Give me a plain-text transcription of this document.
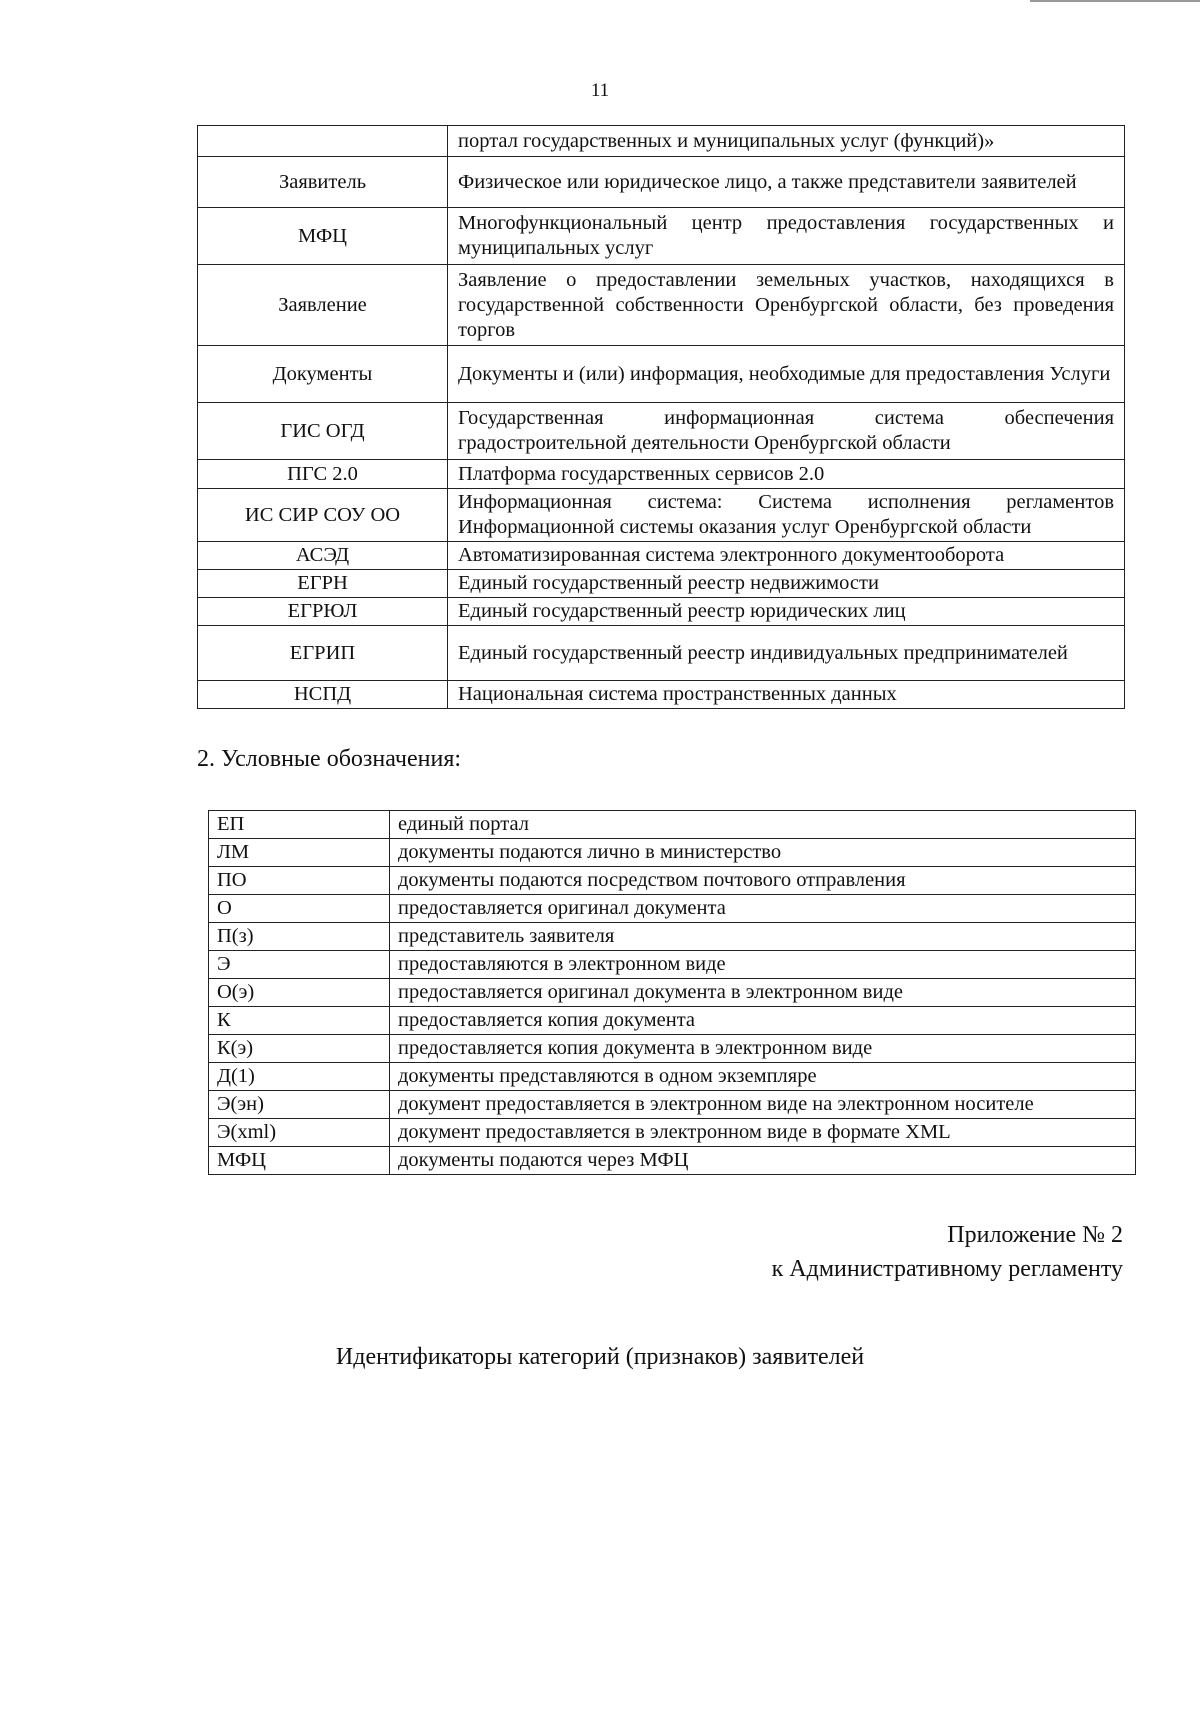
11
	портал государственных и муниципальных услуг (функций)»
Заявитель	Физическое или юридическое лицо, а также представители заявителей
МФЦ	Многофункциональный центр предоставления государственных и муниципальных услуг
Заявление	Заявление о предоставлении земельных участков, находящихся в государственной собственности Оренбургской области, без проведения торгов
Документы	Документы и (или) информация, необходимые для предоставления Услуги
ГИС ОГД	Государственная информационная система обеспечения градостроительной деятельности Оренбургской области
ПГС 2.0	Платформа государственных сервисов 2.0
ИС СИР СОУ ОО	Информационная система: Система исполнения регламентов Информационной системы оказания услуг Оренбургской области
АСЭД	Автоматизированная система электронного документооборота
ЕГРН	Единый государственный реестр недвижимости
ЕГРЮЛ	Единый государственный реестр юридических лиц
ЕГРИП	Единый государственный реестр индивидуальных предпринимателей
НСПД	Национальная система пространственных данных
2. Условные обозначения:
ЕП	единый портал
ЛМ	документы подаются лично в министерство
ПО	документы подаются посредством почтового отправления
О	предоставляется оригинал документа
П(з)	представитель заявителя
Э	предоставляются в электронном виде
О(э)	предоставляется оригинал документа в электронном виде
К	предоставляется копия документа
К(э)	предоставляется копия документа в электронном виде
Д(1)	документы представляются в одном экземпляре
Э(эн)	документ предоставляется в электронном виде на электронном носителе
Э(xml)	документ предоставляется в электронном виде в формате XML
МФЦ	документы подаются через МФЦ
Приложение № 2
к Административному регламенту
Идентификаторы категорий (признаков) заявителей
